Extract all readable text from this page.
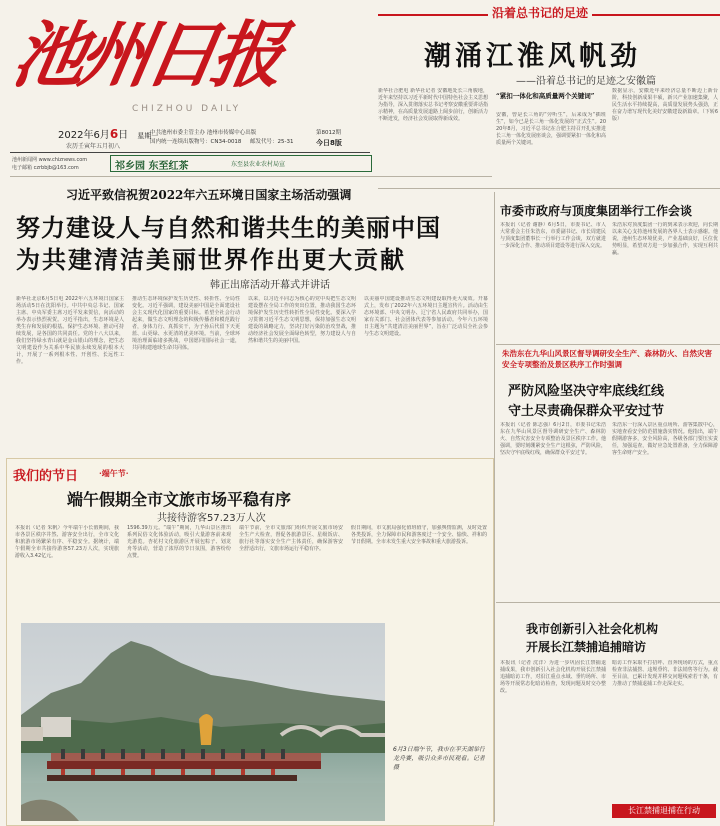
池州日报
CHIZHOU DAILY
2022年6月6日 星期一
农历壬寅年五月初八
中共池州市委主管主办 池州市传媒中心出版
国内统一连续出版物号：CN34-0018 邮发代号：25-31
第8012期
今日8版
池州新闻网 www.chiznews.com
电子邮箱 czrbbjb@163.com	祁乡园 东至红茶	东至县农业农村局宣
沿着总书记的足迹
潮涌江淮风帆劲
——沿着总书记的足迹之安徽篇
新华社合肥电 新华社记者 安徽地处长三角腹地，近年来坚持以习近平新时代中国特色社会主义思想为指导，深入贯彻落实总书记考察安徽重要讲话指示精神，在高质量发展道路上阔步前行，创新活力不断迸发，经济社会发展取得新成效。
“紧扣一体化和高质量两个关键词”
安徽，曾是长三角的“旁听生”，后来成为“插班生”，如今已是长三角一体化发展的“正式生”。2020年8月，习近平总书记在合肥主持召开扎实推进长三角一体化发展座谈会，强调要紧扣一体化和高质量两个关键词。
数据显示，安徽近年来经济总量不断迈上新台阶，科技创新成果丰硕，新兴产业加速集聚，人民生活水平持续提高，高质量发展势头强劲，正在奋力谱写现代化美好安徽建设新篇章。（下转6版）
习近平致信祝贺2022年六五环境日国家主场活动强调
努力建设人与自然和谐共生的美丽中国
为共建清洁美丽世界作出更大贡献
韩正出席活动开幕式并讲话
新华社北京6月5日电 2022年六五环境日国家主场活动5日在沈阳举行。中共中央总书记、国家主席、中央军委主席习近平发来贺信，向活动的举办表示热烈祝贺。习近平指出，生态环境是人类生存和发展的根基。保护生态环境、推动可持续发展，是各国的共同责任。党的十八大以来，我们坚持绿水青山就是金山银山的理念，把生态文明建设作为关系中华民族永续发展的根本大计，开展了一系列根本性、开创性、长远性工作。
推动生态环境保护发生历史性、转折性、全局性变化。习近平强调，建设美丽中国是全面建设社会主义现代化国家的重要目标。希望全社会行动起来，做生态文明理念的积极传播者和模范践行者，身体力行、真抓实干，为子孙后代留下天更蓝、山更绿、水更清的优美环境。当前，全球环境治理面临诸多挑战，中国愿同国际社会一道，共同构建地球生命共同体。
以来，以习近平同志为核心的党中央把生态文明建设摆在全局工作的突出位置，推动我国生态环境保护发生历史性转折性全局性变化。要深入学习贯彻习近平生态文明思想，保持加强生态文明建设的战略定力，坚决打好污染防治攻坚战，推动经济社会发展全面绿色转型，努力建设人与自然和谐共生的美丽中国。
以美丽中国建设推动生态文明建设取得更大成效。开幕式上，发布了2022年六五环境日主题宣传片。活动由生态环境部、中央文明办、辽宁省人民政府共同举办，国家有关部门、社会团体代表等参加活动。今年六五环境日主题为“共建清洁美丽世界”，旨在广泛动员全社会参与生态文明建设。
我们的节日	·端午节·
端午假期全市文旅市场平稳有序
共接待游客57.23万人次
本报讯（记者 朱帆）今年端午小长假期间，我市各景区秩序井然、游客安全出行，全市文化和旅游市场繁荣有序、平稳安全。据统计，端午假期全市共接待游客57.23万人次，实现旅游收入3.42亿元。
1596.39万元。“端午”期间，九华山景区推出系列民俗文化体验活动，吸引大量游客前来观光游览。杏花村文化旅游区开展包粽子、划龙舟等活动，营造了浓厚的节日氛围，游客纷纷点赞。
端午节前，全市文旅部门组织开展文旅市场安全生产大检查，督促各旅游景区、星级饭店、旅行社等落实安全生产主体责任，确保游客安全舒适出行，文旅市场运行平稳有序。
假日期间，市文旅局强化值班值守，加强舆情监测，及时处置各类投诉，全力保障市民和游客度过一个安全、愉快、祥和的节日假期。全市未发生重大安全事故和重大旅游投诉。
6月3日端午节，我市在平天湖举行龙舟赛，吸引众多市民观看。记者 摄
市委市政府与顶度集团举行工作会谈
本报讯（记者 谢静）6月5日，市委书记、市人大常委会主任朱浩东，市委副书记、市长周建民与顶度集团董事长一行举行工作会谈，双方就进一步深化合作、推动项目建设等进行深入交流。
朱浩东对顶度集团一行的到来表示欢迎，向长期以来关心支持池州发展的各界人士表示感谢。他说，池州生态环境优美，产业基础良好，区位优势明显，希望双方进一步加强合作，实现互利共赢。
朱浩东在九华山风景区督导调研安全生产、森林防火、自然灾害安全专项整治及景区秩序工作时强调
严防风险坚决守牢底线红线
守土尽责确保群众平安过节
本报讯（记者 陈志强）6月2日，市委书记朱浩东在九华山风景区督导调研安全生产、森林防火、自然灾害安全专项整治及景区秩序工作。他强调，要时刻绷紧安全生产这根弦，严防风险，坚决守牢底线红线，确保群众平安过节。
朱浩东一行深入景区重点场所、游客集散中心，实地查看安全防范措施落实情况。他指出，端午假期游客多，安全风险高，各级各部门要压实责任，加强巡查，做好应急处置准备，全力保障游客生命财产安全。
我市创新引入社会化机构
开展长江禁捕追捕暗访
本报讯（记者 沈洋）为进一步巩固长江禁捕退捕成果，我市创新引入社会化机构开展长江禁捕追捕暗访工作，对沿江重点水域、垂钓场所、市场等开展常态化暗访检查，发现问题及时交办整改。
暗访工作采取不打招呼、直奔现场的方式，重点检查非法捕捞、违规垂钓、非法销售等行为。截至目前，已累计发现并移交问题线索若干条，有力推动了禁捕退捕工作走深走实。
长江禁捕退捕在行动
